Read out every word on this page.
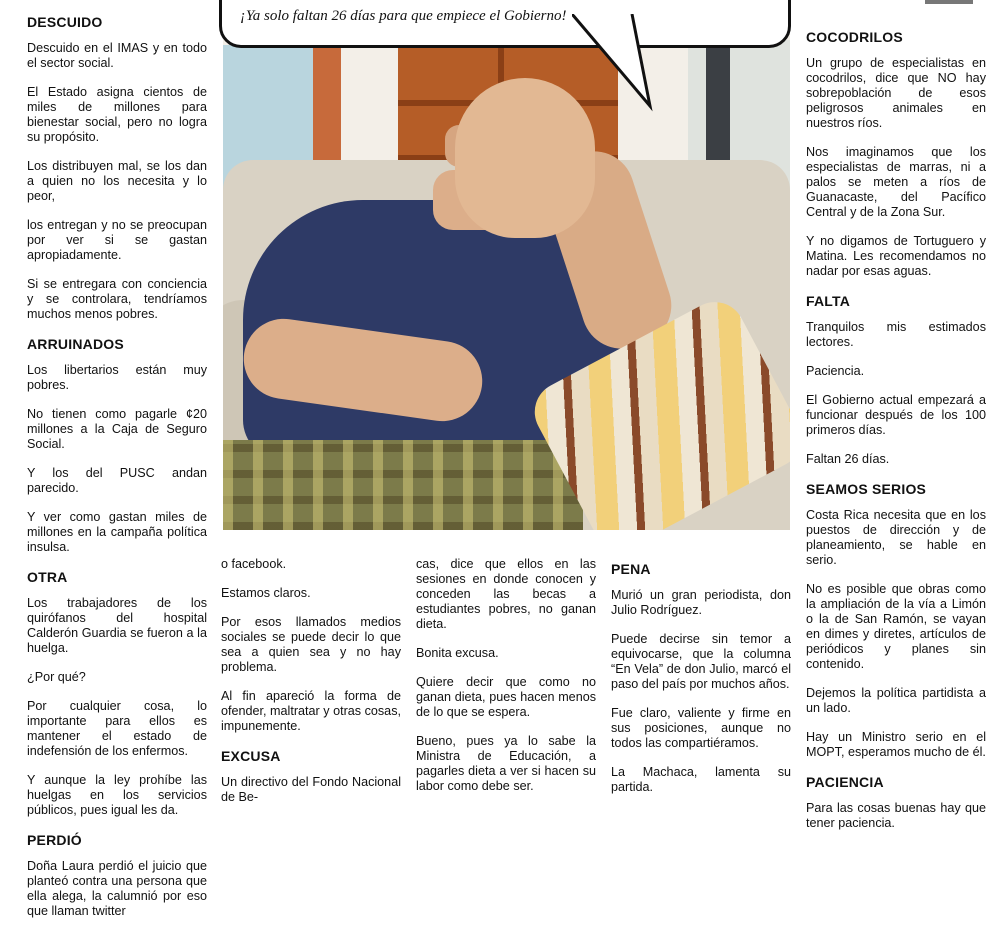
DESCUIDO

Descuido en el IMAS y en todo el sector social.

El Estado asigna cientos de miles de millones para bienestar social, pero no logra su propósito.

Los distribuyen mal, se los dan a quien no los necesita y lo peor,

los entregan y no se preocupan por ver si se gastan apropiadamente.

Si se entregara con conciencia y se controlara, tendríamos muchos menos pobres.

ARRUINADOS

Los libertarios están muy pobres.

No tienen como pagarle ¢20 millones a la Caja de Seguro Social.

Y los del PUSC andan parecido.

Y ver como gastan miles de millones en la campaña política insulsa.

OTRA

Los trabajadores de los quirófanos del hospital Calderón Guardia se fueron a la huelga.

¿Por qué?

Por cualquier cosa, lo importante para ellos es mantener el estado de indefensión de los enfermos.

Y aunque la ley prohíbe las huelgas en los servicios públicos, pues igual les da.

PERDIÓ

Doña Laura perdió el juicio que planteó contra una persona que ella alega, la calumnió por eso que llaman twitter

¡Ya solo faltan 26 días para que empiece el Gobierno!

o facebook.

Estamos claros.

Por esos llamados medios sociales se puede decir lo que sea a quien sea y no hay problema.

Al fin apareció la forma de ofender, maltratar y otras cosas, impunemente.

EXCUSA

Un directivo del Fondo Nacional de Be-

cas, dice que ellos en las sesiones en donde conocen y conceden las becas a estudiantes pobres, no ganan dieta.

Bonita excusa.

Quiere decir que como no ganan dieta, pues hacen menos de lo que se espera.

Bueno, pues ya lo sabe la Ministra de Educación, a pagarles dieta a ver si hacen su labor como debe ser.

PENA

Murió un gran periodista, don Julio Rodríguez.

Puede decirse sin temor a equivocarse, que la columna “En Vela” de don Julio, marcó el paso del país por muchos años.

Fue claro, valiente y firme en sus posiciones, aunque no todos las compartiéramos.

La Machaca, lamenta su partida.

COCODRILOS

Un grupo de especialistas en cocodrilos, dice que NO hay sobrepoblación de esos peligrosos animales en nuestros ríos.

Nos imaginamos que los especialistas de marras, ni a palos se meten a ríos de Guanacaste, del Pacífico Central y de la Zona Sur.

Y no digamos de Tortuguero y Matina. Les recomendamos no nadar por esas aguas.

FALTA

Tranquilos mis estimados lectores.

Paciencia.

El Gobierno actual empezará a funcionar después de los 100 primeros días.

Faltan 26 días.

SEAMOS SERIOS

Costa Rica necesita que en los puestos de dirección y de planeamiento, se hable en serio.

No es posible que obras como la ampliación de la vía a Limón o la de San Ramón, se vayan en dimes y diretes, artículos de periódicos y planes sin contenido.

Dejemos la política partidista a un lado.

Hay un Ministro serio en el MOPT, esperamos mucho de él.

PACIENCIA

Para las cosas buenas hay que tener paciencia.
